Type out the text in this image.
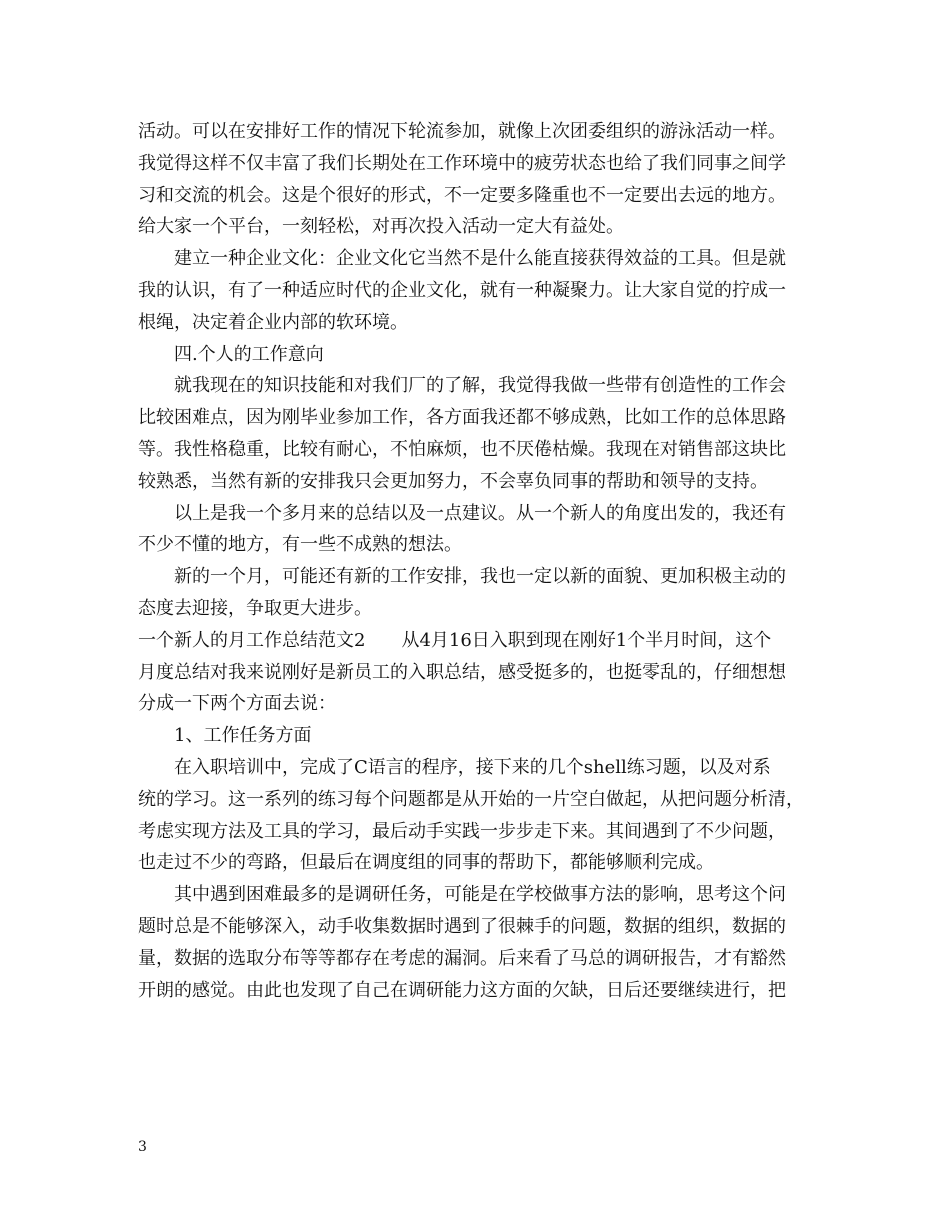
活动。可以在安排好工作的情况下轮流参加，就像上次团委组织的游泳活动一样。
我觉得这样不仅丰富了我们长期处在工作环境中的疲劳状态也给了我们同事之间学
习和交流的机会。这是个很好的形式，不一定要多隆重也不一定要出去远的地方。
给大家一个平台，一刻轻松，对再次投入活动一定大有益处。
建立一种企业文化：企业文化它当然不是什么能直接获得效益的工具。但是就
我的认识，有了一种适应时代的企业文化，就有一种凝聚力。让大家自觉的拧成一
根绳，决定着企业内部的软环境。
四.个人的工作意向
就我现在的知识技能和对我们厂的了解，我觉得我做一些带有创造性的工作会
比较困难点，因为刚毕业参加工作，各方面我还都不够成熟，比如工作的总体思路
等。我性格稳重，比较有耐心，不怕麻烦，也不厌倦枯燥。我现在对销售部这块比
较熟悉，当然有新的安排我只会更加努力，不会辜负同事的帮助和领导的支持。
以上是我一个多月来的总结以及一点建议。从一个新人的角度出发的，我还有
不少不懂的地方，有一些不成熟的想法。
新的一个月，可能还有新的工作安排，我也一定以新的面貌、更加积极主动的
态度去迎接，争取更大进步。
一个新人的月工作总结范文2　　从4月16日入职到现在刚好1个半月时间，这个
月度总结对我来说刚好是新员工的入职总结，感受挺多的，也挺零乱的，仔细想想
分成一下两个方面去说：
1、工作任务方面
在入职培训中，完成了C语言的程序，接下来的几个shell练习题，以及对系
统的学习。这一系列的练习每个问题都是从开始的一片空白做起，从把问题分析清，
考虑实现方法及工具的学习，最后动手实践一步步走下来。其间遇到了不少问题，
也走过不少的弯路，但最后在调度组的同事的帮助下，都能够顺利完成。
其中遇到困难最多的是调研任务，可能是在学校做事方法的影响，思考这个问
题时总是不能够深入，动手收集数据时遇到了很棘手的问题，数据的组织，数据的
量，数据的选取分布等等都存在考虑的漏洞。后来看了马总的调研报告，才有豁然
开朗的感觉。由此也发现了自己在调研能力这方面的欠缺，日后还要继续进行，把
3
